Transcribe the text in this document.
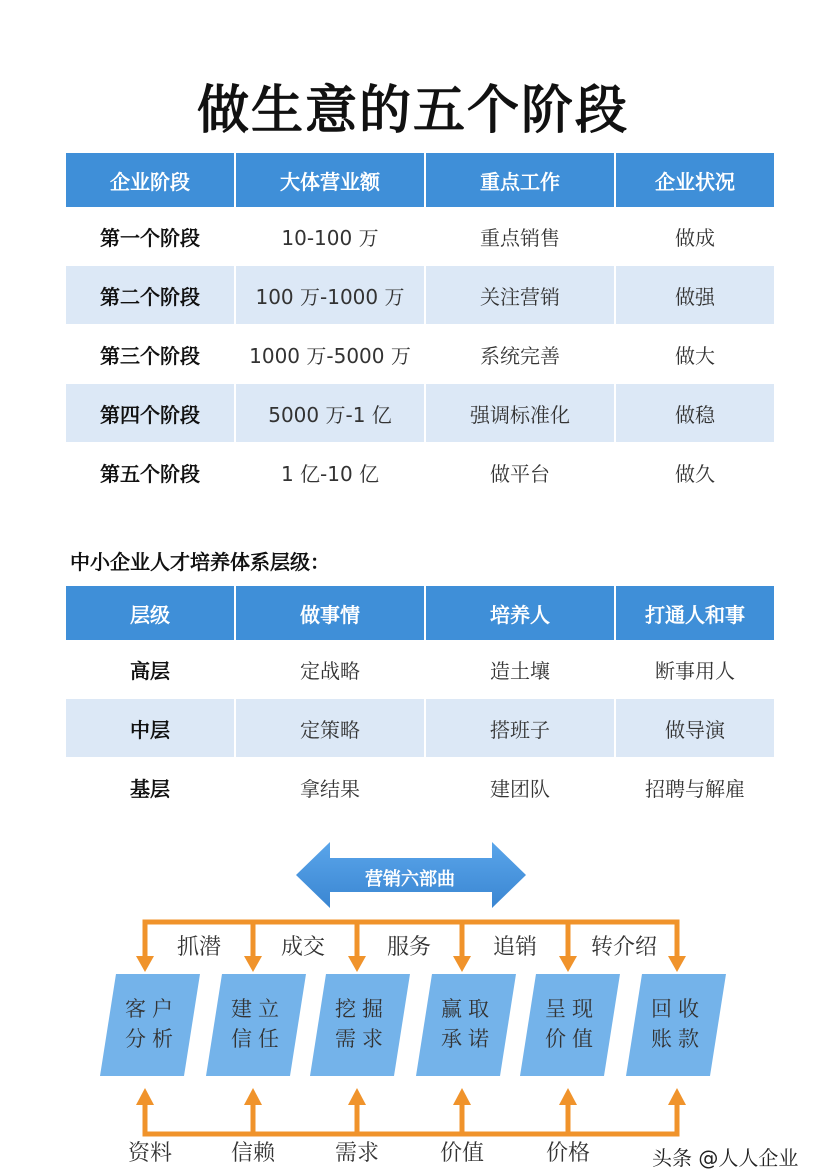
做生意的五个阶段
企业阶段	大体营业额	重点工作	企业状况
第一个阶段	10-100 万	重点销售	做成
第二个阶段	100 万-1000 万	关注营销	做强
第三个阶段	1000 万-5000 万	系统完善	做大
第四个阶段	5000 万-1 亿	强调标准化	做稳
第五个阶段	1 亿-10 亿	做平台	做久
中小企业人才培养体系层级：
层级	做事情	培养人	打通人和事
高层	定战略	造土壤	断事用人
中层	定策略	搭班子	做导演
基层	拿结果	建团队	招聘与解雇
营销六部曲
抓潜	成交	服务	追销	转介绍
客户
分析
建立
信任
挖掘
需求
赢取
承诺
呈现
价值
回收
账款
资料	信赖	需求	价值	价格	头条 @人人企业
